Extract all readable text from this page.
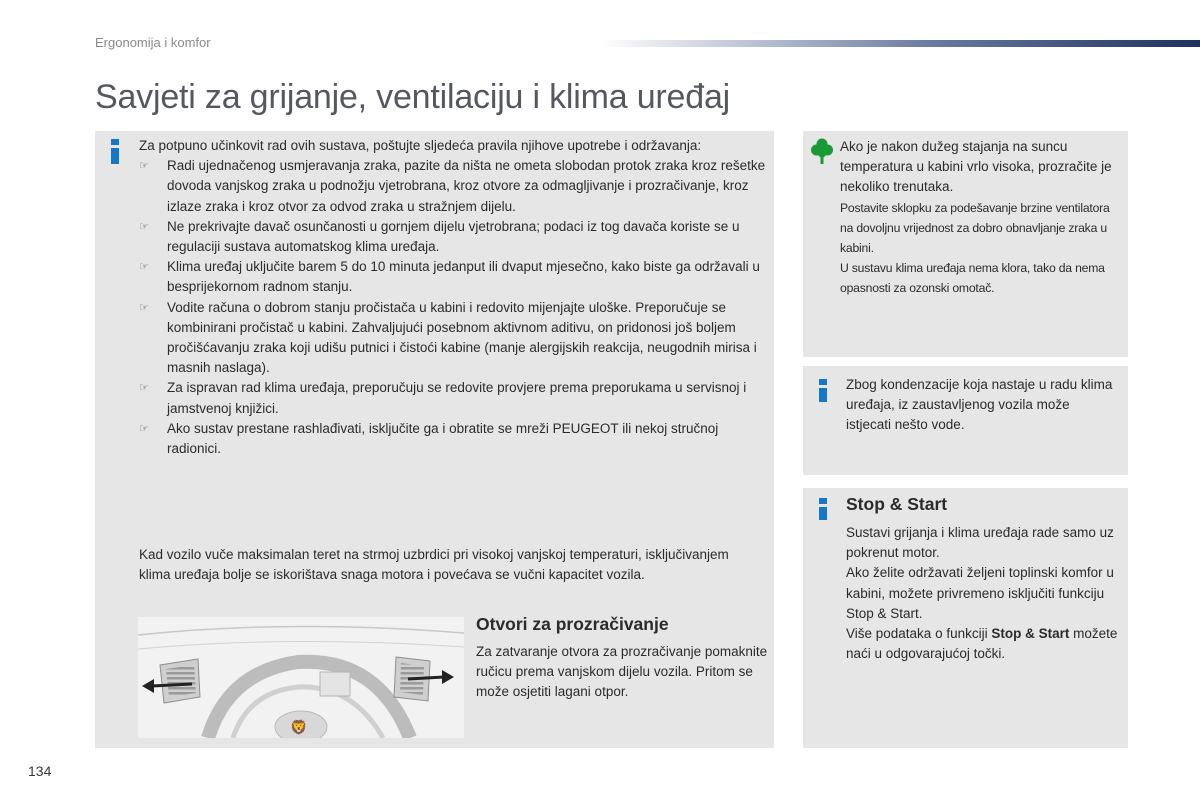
Ergonomija i komfor
Savjeti za grijanje, ventilaciju i klima uređaj

Za potpuno učinkovit rad ovih sustava, poštujte sljedeća pravila njihove upotrebe i održavanja:

☞ Radi ujednačenog usmjeravanja zraka, pazite da ništa ne ometa slobodan protok zraka kroz rešetke dovoda vanjskog zraka u podnožju vjetrobrana, kroz otvore za odmagljivanje i prozračivanje, kroz izlaze zraka i kroz otvor za odvod zraka u stražnjem dijelu.
☞ Ne prekrivajte davač osunčanosti u gornjem dijelu vjetrobrana; podaci iz tog davača koriste se u regulaciji sustava automatskog klima uređaja.
☞ Klima uređaj uključite barem 5 do 10 minuta jedanput ili dvaput mjesečno, kako biste ga održavali u besprijekornom radnom stanju.
☞ Vodite računa o dobrom stanju pročistača u kabini i redovito mijenjajte uloške. Preporučuje se kombinirani pročistač u kabini. Zahvaljujući posebnom aktivnom aditivu, on pridonosi još boljem pročišćavanju zraka koji udišu putnici i čistoći kabine (manje alergijskih reakcija, neugodnih mirisa i masnih naslaga).
☞ Za ispravan rad klima uređaja, preporučuju se redovite provjere prema preporukama u servisnoj i jamstvenoj knjižici.
☞ Ako sustav prestane rashlađivati, isključite ga i obratite se mreži PEUGEOT ili nekoj stručnoj radionici.

Kad vozilo vuče maksimalan teret na strmoj uzbrdici pri visokoj vanjskoj temperaturi, isključivanjem klima uređaja bolje se iskorištava snaga motora i povećava se vučni kapacitet vozila.

🦁
Otvori za prozračivanje

Za zatvaranje otvora za prozračivanje pomaknite ručicu prema vanjskom dijelu vozila. Pritom se može osjetiti lagani otpor.

Ako je nakon dužeg stajanja na suncu temperatura u kabini vrlo visoka, prozračite je nekoliko trenutaka.

Postavite sklopku za podešavanje brzine ventilatora na dovoljnu vrijednost za dobro obnavljanje zraka u kabini.

U sustavu klima uređaja nema klora, tako da nema opasnosti za ozonski omotač.

Zbog kondenzacije koja nastaje u radu klima uređaja, iz zaustavljenog vozila može istjecati nešto vode.

Stop & Start

Sustavi grijanja i klima uređaja rade samo uz pokrenut motor.

Ako želite održavati željeni toplinski komfor u kabini, možete privremeno isključiti funkciju Stop & Start.

Više podataka o funkciji Stop & Start možete naći u odgovarajućoj točki.

134
